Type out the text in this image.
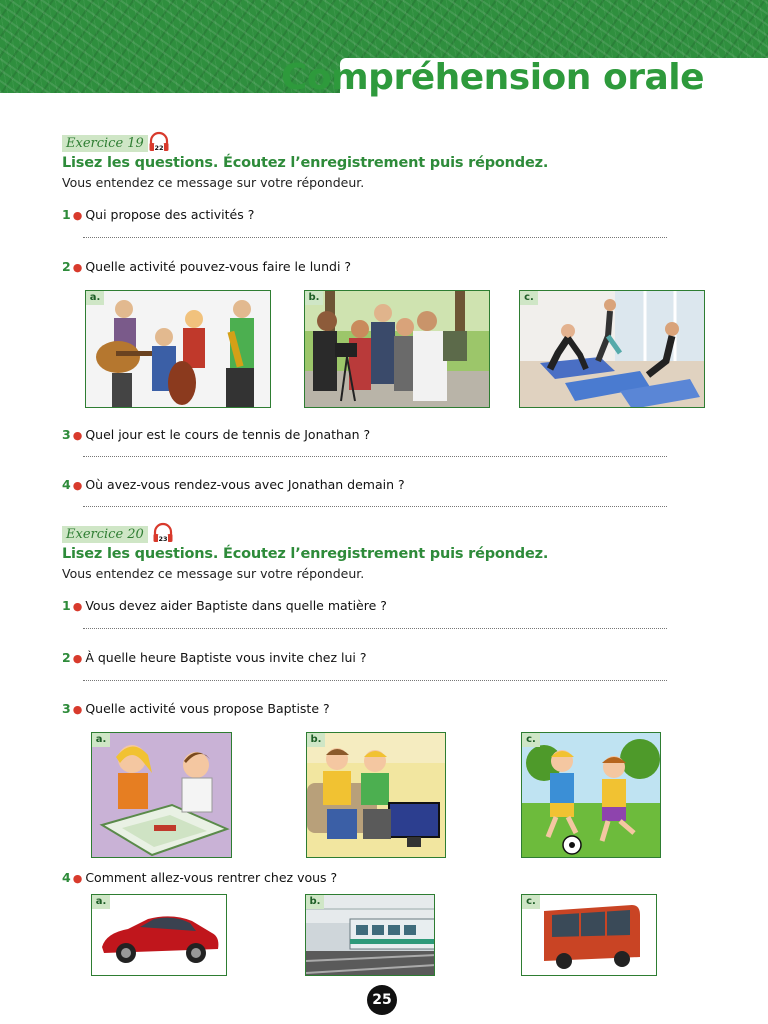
Compréhension orale
Exercice 19	22
Lisez les questions. Écoutez l’enregistrement puis répondez.
Vous entendez ce message sur votre répondeur.
1 ● Qui propose des activités ?
2 ● Quelle activité pouvez-vous faire le lundi ?
a.	b.	c.
3 ● Quel jour est le cours de tennis de Jonathan ?
4 ● Où avez-vous rendez-vous avec Jonathan demain ?
Exercice 20	23
Lisez les questions. Écoutez l’enregistrement puis répondez.
Vous entendez ce message sur votre répondeur.
1 ● Vous devez aider Baptiste dans quelle matière ?
2 ● À quelle heure Baptiste vous invite chez lui ?
3 ● Quelle activité vous propose Baptiste ?
a.	b.	c.
4 ● Comment allez-vous rentrer chez vous ?
a.	b.	c.
25
